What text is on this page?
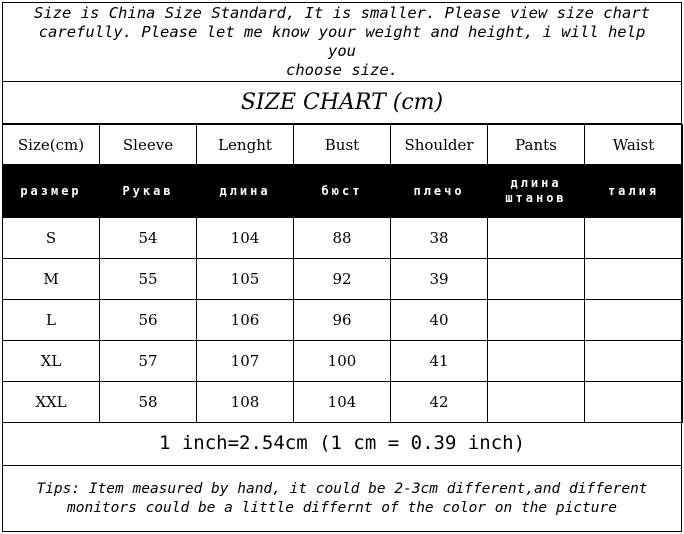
Size is China Size Standard, It is smaller. Please view size chart
carefully. Please let me know your weight and height, i will help you
choose size.
SIZE CHART (cm)
Size(cm)	Sleeve	Lenght	Bust	Shoulder	Pants	Waist
размер	Рукав	длина	бюст	плечо	длина штанов	талия
S	54	104	88	38		
M	55	105	92	39		
L	56	106	96	40		
XL	57	107	100	41		
XXL	58	108	104	42		
1 inch=2.54cm (1 cm = 0.39 inch)
Tips: Item measured by hand, it could be 2-3cm different,and different
monitors could be a little differnt of the color on the picture
